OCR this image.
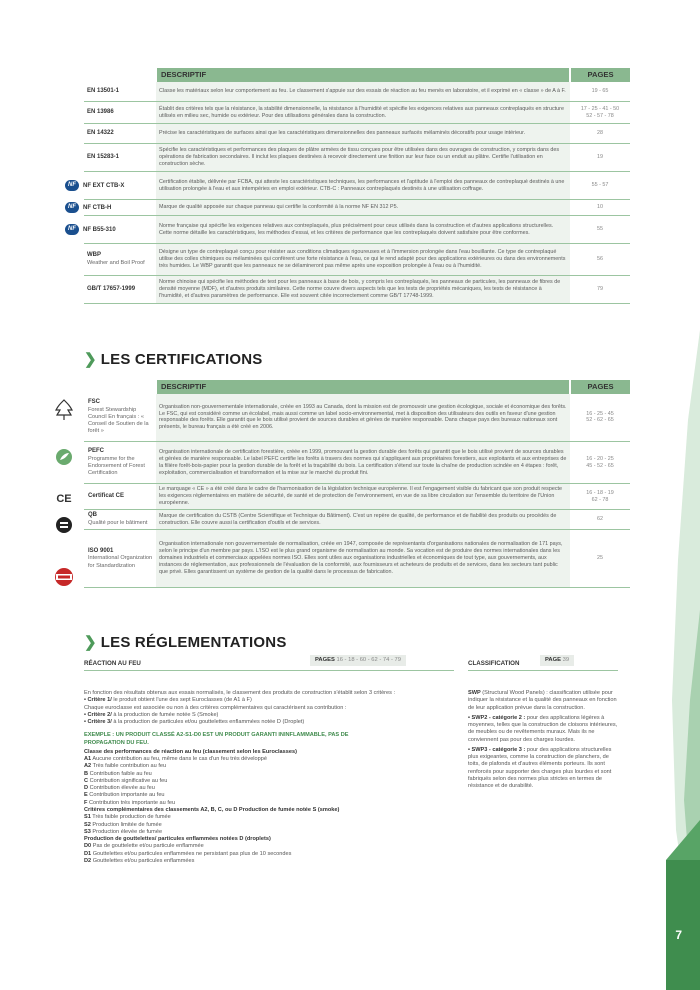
7
	DESCRIPTIF	PAGES
EN 13501-1	Classe les matériaux selon leur comportement au feu. Le classement s'appuie sur des essais de réaction au feu menés en laboratoire, et il exprimé en « classe » de A à F.	19 - 65
EN 13986	Établit des critères tels que la résistance, la stabilité dimensionnelle, la résistance à l'humidité et spécifie les exigences relatives aux panneaux contreplaqués en structure utilisés en milieu sec, humide ou extérieur. Pour des utilisations générales dans la construction.	17 - 25 - 41 - 50
52 - 57 - 78
EN 14322	Précise les caractéristiques de surfaces ainsi que les caractéristiques dimensionnelles des panneaux surfacés mélaminés décoratifs pour usage intérieur.	28
EN 15283-1	Spécifie les caractéristiques et performances des plaques de plâtre armées de tissu conçues pour être utilisées dans des ouvrages de construction, y compris dans des opérations de fabrication secondaires. Il inclut les plaques destinées à recevoir directement une finition sur leur face ou un enduit au plâtre. Certifie l'utilisation en construction sèche.	19
NF NF EXT CTB-X	Certification établie, délivrée par FCBA, qui atteste les caractéristiques techniques, les performances et l'aptitude à l'emploi des panneaux de contreplaqué destinés à une utilisation prolongée à l'eau et aux intempéries en emploi extérieur. CTB-C : Panneaux contreplaqués destinés à une utilisation coffrage.	55 - 57
NF NF CTB-H	Marque de qualité apposée sur chaque panneau qui certifie la conformité à la norme NF EN 312 P5.	10
NF NF B55-310	Norme française qui spécifie les exigences relatives aux contreplaqués, plus précisément pour ceux utilisés dans la construction et d'autres applications structurelles. Cette norme détaille les caractéristiques, les méthodes d'essai, et les critères de performance que les contreplaqués doivent satisfaire pour être conformes.	55
WBP
Weather and Boil Proof	Désigne un type de contreplaqué conçu pour résister aux conditions climatiques rigoureuses et à l'immersion prolongée dans l'eau bouillante. Ce type de contreplaqué utilise des colles chimiques ou mélaminées qui confèrent une forte résistance à l'eau, ce qui le rend adapté pour des applications extérieures ou dans des environnements très humides. Le WBP garantit que les panneaux ne se délamineront pas même après une exposition prolongée à l'eau ou à l'humidité.	56
GB/T 17657-1999	Norme chinoise qui spécifie les méthodes de test pour les panneaux à base de bois, y compris les contreplaqués, les panneaux de particules, les panneaux de fibres de densité moyenne (MDF), et d'autres produits similaires. Cette norme couvre divers aspects tels que les tests de propriétés mécaniques, les tests de résistance à l'humidité, et d'autres paramètres de performance. Elle est souvent citée incorrectement comme GB/T 17748-1999.	79
❯ LES CERTIFICATIONS
	DESCRIPTIF	PAGES
FSC
Forest Stewardship Council En français : « Conseil de Soutien de la forêt »	Organisation non-gouvernementale internationale, créée en 1993 au Canada, dont la mission est de promouvoir une gestion écologique, sociale et économique des forêts. Le FSC, qui est considéré comme un écolabel, mais aussi comme un label socio-environnemental, met à disposition des utilisateurs des outils en faveur d'une gestion responsable des forêts. Elle garantit que le bois utilisé provient de sources durables et gérées de manière responsable. Dans chaque pays des bureaux nationaux sont présents, le bureau français a été créé en 2006.	16 - 25 - 45
52 - 62 - 65
PEFC
Programme for the Endorsement of Forest Certification	Organisation internationale de certification forestière, créée en 1999, promouvant la gestion durable des forêts qui garantit que le bois utilisé provient de sources durables et gérées de manière responsable. Le label PEFC certifie les forêts à travers des normes qui s'appliquent aux propriétaires forestiers, aux exploitants et aux entreprises de la filière forêt-bois-papier pour la gestion durable de la forêt et la traçabilité du bois. La certification s'étend sur toute la chaîne de production scindée en 4 étapes : forêt, exploitation, commercialisation et transformation et la mise sur le marché du produit fini.	16 - 20 - 25
45 - 52 - 65
Certificat CE	Le marquage « CE » a été créé dans le cadre de l'harmonisation de la législation technique européenne. Il est l'engagement visible du fabricant que son produit respecte les exigences réglementaires en matière de sécurité, de santé et de protection de l'environnement, en vue de sa libre circulation sur l'ensemble du territoire de l'Union européenne.	16 - 18 - 19
62 - 78
QB
Qualité pour le bâtiment	Marque de certification du CSTB (Centre Scientifique et Technique du Bâtiment). C'est un repère de qualité, de performance et de fiabilité des produits ou procédés de construction. Elle couvre aussi la certification d'outils et de services.	62
ISO 9001
International Organization for Standardization	Organisation internationale non gouvernementale de normalisation, créée en 1947, composée de représentants d'organisations nationales de normalisation de 171 pays, selon le principe d'un membre par pays. L'ISO est le plus grand organisme de normalisation au monde. Sa vocation est de produire des normes internationales dans les domaines industriels et commerciaux appelées normes ISO. Elles sont utiles aux organisations industrielles et économiques de tout type, aux gouvernements, aux instances de réglementation, aux professionnels de l'évaluation de la conformité, aux fournisseurs et acheteurs de produits et de services, dans les secteurs tant public que privé. Elles garantissent un système de gestion de la qualité dans le processus de fabrication.	25
CE
❯ LES RÉGLEMENTATIONS
RÉACTION AU FEU	PAGES 16 - 18 - 60 - 62 - 74 - 79	CLASSIFICATION	PAGE 39
En fonction des résultats obtenus aux essais normalisés, le classement des produits de construction s'établit selon 3 critères :
• Critère 1/ le produit obtient l'une des sept Euroclasses (de A1 à F)
Chaque euroclasse est associée ou non à des critères complémentaires qui caractérisent sa contribution :
• Critère 2/ à la production de fumée notée S (Smoke)
• Critère 3/ à la production de particules et/ou gouttelettes enflammées notée D (Droplet)
EXEMPLE : UN PRODUIT CLASSÉ A2-S1-D0 EST UN PRODUIT GARANTI ININFLAMMABLE, PAS DE PROPAGATION DU FEU.
Classe des performances de réaction au feu (classement selon les Euroclasses)
A1 Aucune contribution au feu, même dans le cas d'un feu très développé
A2 Très faible contribution au feu
B Contribution faible au feu
C Contribution significative au feu
D Contribution élevée au feu
E Contribution importante au feu
F Contribution très importante au feu
Critères complémentaires des classements A2, B, C, ou D Production de fumée notée S (smoke)
S1 Très faible production de fumée
S2 Production limitée de fumée
S3 Production élevée de fumée
Production de gouttelettes/ particules enflammées notées D (droplets)
D0 Pas de gouttelette et/ou particule enflammée
D1 Gouttelettes et/ou particules enflammées ne persistant pas plus de 10 secondes
D2 Gouttelettes et/ou particules enflammées
SWP (Structural Wood Panels) : classification utilisée pour indiquer la résistance et la qualité des panneaux en fonction de leur application prévue dans la construction.
• SWP2 - catégorie 2 : pour des applications légères à moyennes, telles que la construction de cloisons intérieures, de meubles ou de revêtements muraux. Mais ils ne conviennent pas pour des charges lourdes.
• SWP3 - catégorie 3 : pour des applications structurelles plus exigeantes, comme la construction de planchers, de toits, de plafonds et d'autres éléments porteurs. Ils sont renforcés pour supporter des charges plus lourdes et sont fabriqués selon des normes plus strictes en termes de résistance et de durabilité.
